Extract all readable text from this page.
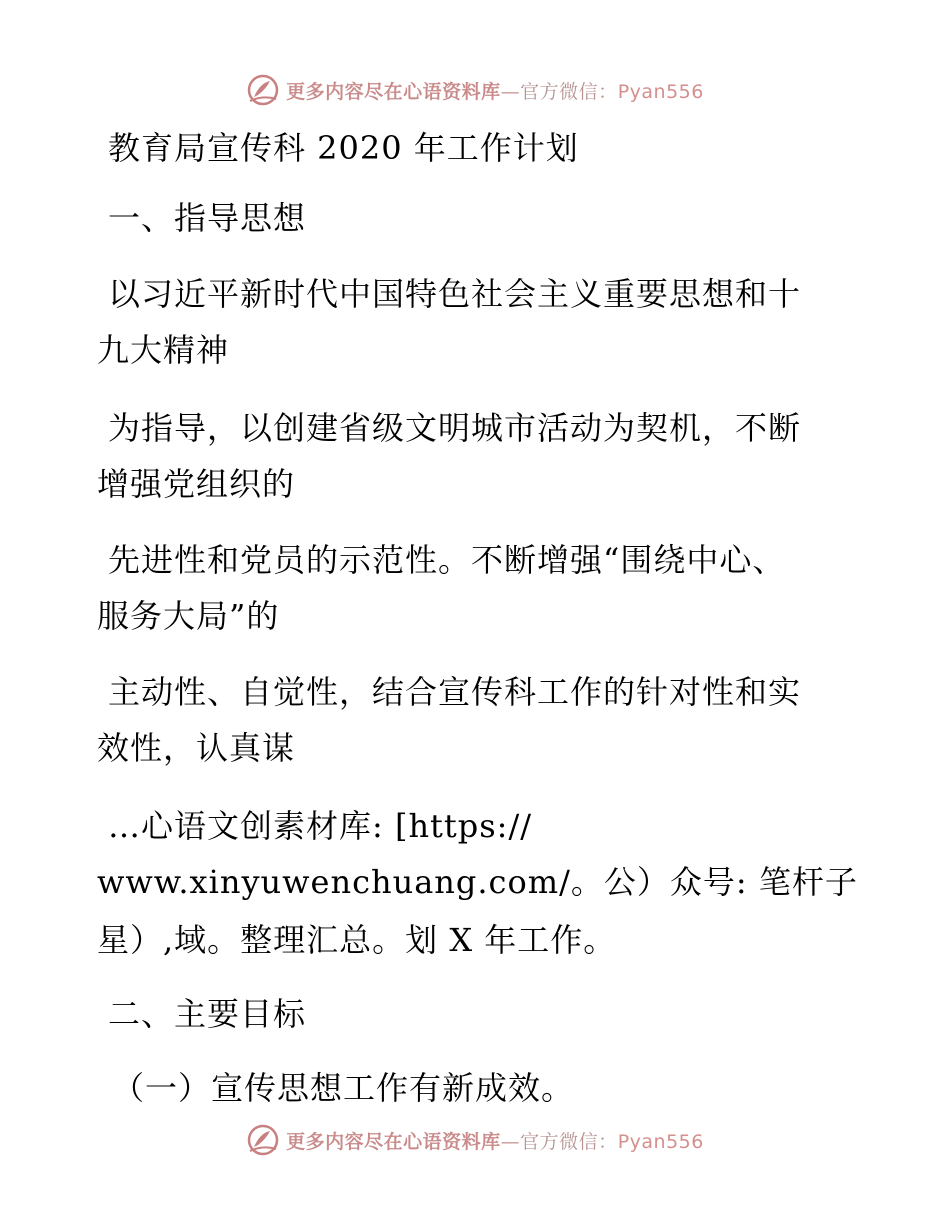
更多内容尽在心语资料库—官方微信：Pyan556
教育局宣传科 2020 年工作计划
一、指导思想
以习近平新时代中国特色社会主义重要思想和十
九大精神
为指导，以创建省级文明城市活动为契机，不断
增强党组织的
先进性和党员的示范性。不断增强“围绕中心、
服务大局”的
主动性、自觉性，结合宣传科工作的针对性和实
效性，认真谋
…心语文创素材库: [https://
www.xinyuwenchuang.com/。公）众号: 笔杆子
星）,域。整理汇总。划 X 年工作。
二、主要目标
（一）宣传思想工作有新成效。
更多内容尽在心语资料库—官方微信：Pyan556
